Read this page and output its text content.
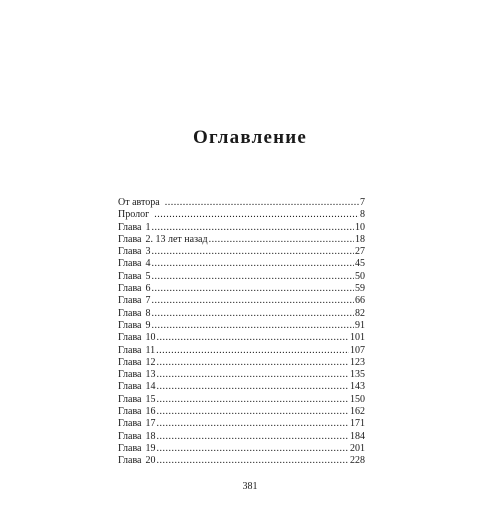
Оглавление
От автора .....	7
Пролог .....	8
Глава 1 .....	10
Глава 2. 13 лет назад .....	18
Глава 3 .....	27
Глава 4 .....	45
Глава 5 .....	50
Глава 6 .....	59
Глава 7 .....	66
Глава 8 .....	82
Глава 9 .....	91
Глава 10 .....	101
Глава 11 .....	107
Глава 12 .....	123
Глава 13 .....	135
Глава 14 .....	143
Глава 15 .....	150
Глава 16 .....	162
Глава 17 .....	171
Глава 18 .....	184
Глава 19 .....	201
Глава 20 .....	228
381
